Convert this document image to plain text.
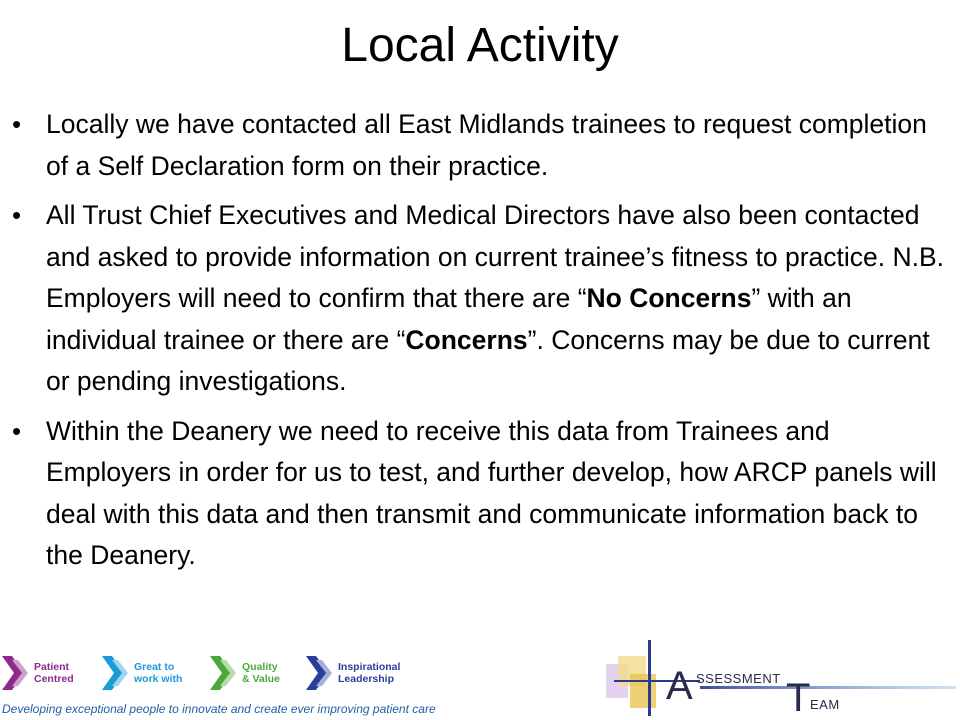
Local Activity
• Locally we have contacted all East Midlands trainees to request completion of a Self Declaration form on their practice.
• All Trust Chief Executives and Medical Directors have also been contacted and asked to provide information on current trainee’s fitness to practice. N.B. Employers will need to confirm that there are “No Concerns” with an individual trainee or there are “Concerns”. Concerns may be due to current or pending investigations.
• Within the Deanery we need to receive this data from Trainees and Employers in order for us to test, and further develop, how ARCP panels will deal with this data and then transmit and communicate information back to the Deanery.
Patient
Centred
Great to
work with
Quality
& Value
Inspirational
Leadership
Developing exceptional people to innovate and create ever improving patient care
A SSESSMENT T EAM
